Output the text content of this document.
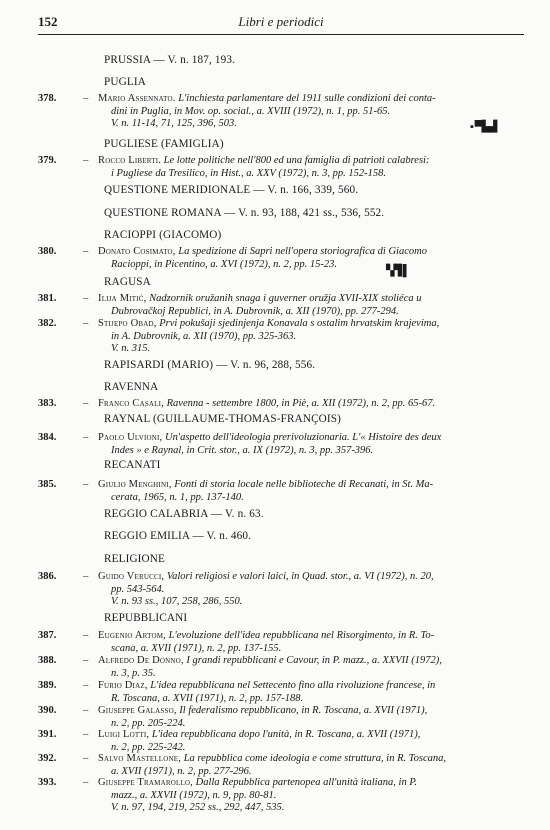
152	Libri e periodici
PRUSSIA — V. n. 187, 193.
PUGLIA
PUGLIESE (FAMIGLIA)
QUESTIONE MERIDIONALE — V. n. 166, 339, 560.
QUESTIONE ROMANA — V. n. 93, 188, 421 ss., 536, 552.
RACIOPPI (GIACOMO)
RAGUSA
RAPISARDI (MARIO) — V. n. 96, 288, 556.
RAVENNA
RAYNAL (GUILLAUME-THOMAS-FRANÇOIS)
RECANATI
REGGIO CALABRIA — V. n. 63.
REGGIO EMILIA — V. n. 460.
RELIGIONE
REPUBBLICANI
378.	– Mario Assennato. L'inchiesta parlamentare del 1911 sulle condizioni dei conta-
dini in Puglia, in Mov. op. social., a. XVIII (1972), n. 1, pp. 51-65.
V. n. 11-14, 71, 125, 396, 503.
379.	– Rocco Liberti. Le lotte politiche nell'800 ed una famiglia di patrioti calabresi:
i Pugliese da Tresilico, in Hist., a. XXV (1972), n. 3, pp. 152-158.
380.	– Donato Cosimato, La spedizione di Sapri nell'opera storiografica di Giacomo
Racioppi, in Picentino, a. XVI (1972), n. 2, pp. 15-23.
381.	– Ilija Mitić, Nadzornik oružanih snaga i guverner oružja XVII-XIX stoliéca u
Dubrovačkoj Republici, in A. Dubrovnik, a. XII (1970), pp. 277-294.
382.	– Stijepo Obad, Prvi pokušaji sjedinjenja Konavala s ostalim hrvatskim krajevima,
in A. Dubrovnik, a. XII (1970), pp. 325-363.
V. n. 315.
383.	– Franco Casali, Ravenna - settembre 1800, in Piè, a. XII (1972), n. 2, pp. 65-67.
384.	– Paolo Ulvioni, Un'aspetto dell'ideologia prerivoluzionaria. L'« Histoire des deux
Indes » e Raynal, in Crit. stor., a. IX (1972), n. 3, pp. 357-396.
385.	– Giulio Menghini, Fonti di storia locale nelle biblioteche di Recanati, in St. Ma-
cerata, 1965, n. 1, pp. 137-140.
386.	– Guido Verucci, Valori religiosi e valori laici, in Quad. stor., a. VI (1972), n. 20,
pp. 543-564.
V. n. 93 ss., 107, 258, 286, 550.
387.	– Eugenio Artom, L'evoluzione dell'idea repubblicana nel Risorgimento, in R. To-
scana, a. XVII (1971), n. 2, pp. 137-155.
388.	– Alfredo De Donno, I grandi repubblicani e Cavour, in P. mazz., a. XXVII (1972),
n. 3, p. 35.
389.	– Furio Diaz, L'idea repubblicana nel Settecento fino alla rivoluzione francese, in
R. Toscana, a. XVII (1971), n. 2, pp. 157-188.
390.	– Giuseppe Galasso, Il federalismo repubblicano, in R. Toscana, a. XVII (1971),
n. 2, pp. 205-224.
391.	– Luigi Lotti, L'idea repubblicana dopo l'unità, in R. Toscana, a. XVII (1971),
n. 2, pp. 225-242.
392.	– Salvo Mastellone, La repubblica come ideologia e come struttura, in R. Toscana,
a. XVII (1971), n. 2, pp. 277-296.
393.	– Giuseppe Tramarollo, Dalla Repubblica partenopea all'unità italiana, in P.
mazz., a. XXVII (1972), n. 9, pp. 80-81.
V. n. 97, 194, 219, 252 ss., 292, 447, 535.
▪ ▀▙▟
▚▜ ▌
